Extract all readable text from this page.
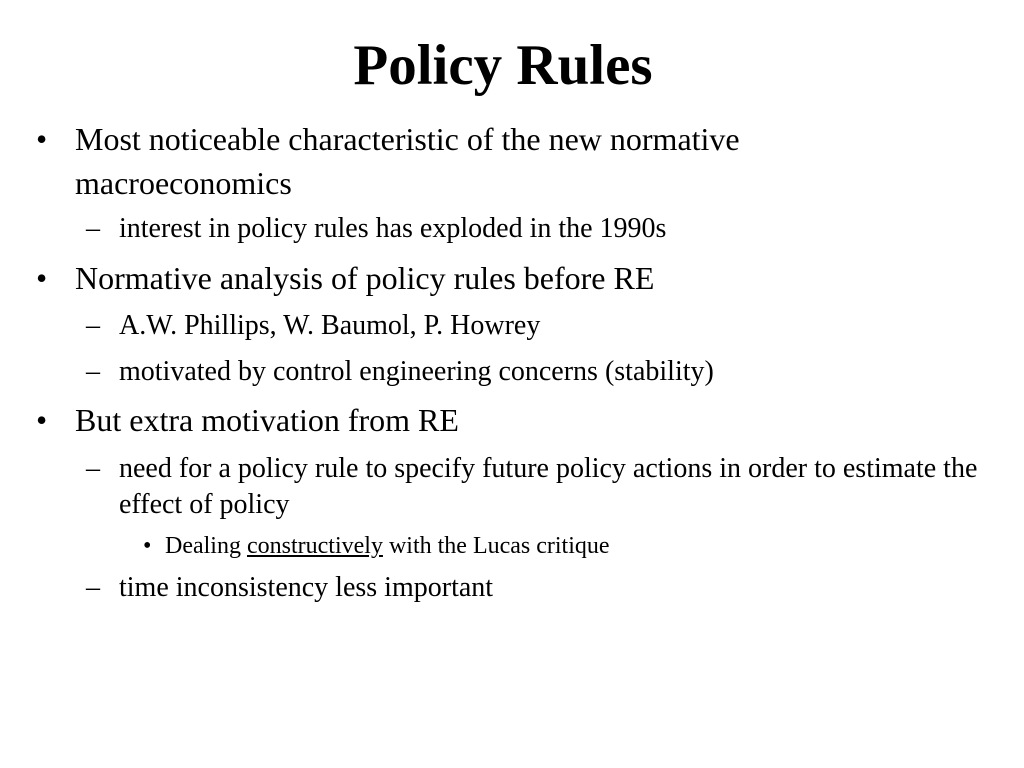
Policy Rules
• Most noticeable characteristic of the new normative macroeconomics
– interest in policy rules has exploded in the 1990s
• Normative analysis of policy rules before RE
– A.W. Phillips, W. Baumol, P. Howrey
– motivated by control engineering concerns (stability)
• But extra motivation from RE
– need for a policy rule to specify future policy actions in order to estimate the effect of policy
• Dealing constructively with the Lucas critique
– time inconsistency less important
